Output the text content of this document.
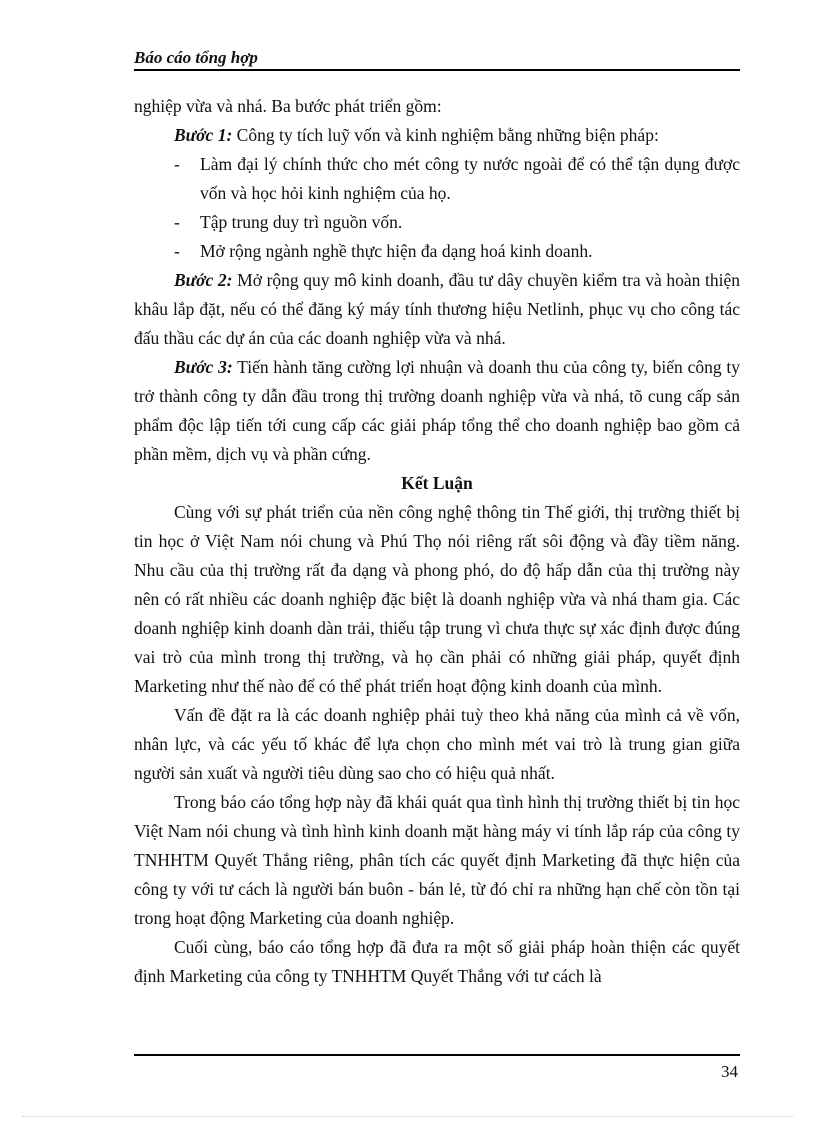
Báo cáo tổng hợp

nghiệp vừa và nhá. Ba bước phát triển gồm:

Bước 1: Công ty tích luỹ vốn và kinh nghiệm bằng những biện pháp:

-	Làm đại lý chính thức cho mét công ty nước ngoài để có thể tận dụng được vốn và học hỏi kinh nghiệm của họ.
-	Tập trung duy trì nguồn vốn.
-	Mở rộng ngành nghề thực hiện đa dạng hoá kinh doanh.

Bước 2: Mở rộng quy mô kinh doanh, đầu tư dây chuyền kiểm tra và hoàn thiện khâu lắp đặt, nếu có thể đăng ký máy tính thương hiệu Netlinh, phục vụ cho công tác đấu thầu các dự án của các doanh nghiệp vừa và nhá.

Bước 3: Tiến hành tăng cường lợi nhuận và doanh thu của công ty, biến công ty trở thành công ty dẫn đầu trong thị trường doanh nghiệp vừa và nhá, tõ cung cấp sản phẩm độc lập tiến tới cung cấp các giải pháp tổng thể cho doanh nghiệp bao gồm cả phần mềm, dịch vụ và phần cứng.

Kết Luận

Cùng với sự phát triển của nền công nghệ thông tin Thế giới, thị trường thiết bị tin học ở Việt Nam nói chung và Phú Thọ nói riêng rất sôi động và đầy tiềm năng. Nhu cầu của thị trường rất đa dạng và phong phó, do độ hấp dẫn của thị trường này nên có rất nhiều các doanh nghiệp đặc biệt là doanh nghiệp vừa và nhá tham gia. Các doanh nghiệp kinh doanh dàn trải, thiếu tập trung vì chưa thực sự xác định được đúng vai trò của mình trong thị trường, và họ cần phải có những giải pháp, quyết định Marketing như thế nào để có thể phát triển hoạt động kinh doanh của mình.

Vấn đề đặt ra là các doanh nghiệp phải tuỳ theo khả năng của mình cả về vốn, nhân lực, và các yếu tố khác để lựa chọn cho mình mét vai trò là trung gian giữa người sản xuất và người tiêu dùng sao cho có hiệu quả nhất.

Trong báo cáo tổng hợp này đã khái quát qua tình hình thị trường thiết bị tin học Việt Nam nói chung và tình hình kinh doanh mặt hàng máy vi tính lắp ráp của công ty TNHHTM Quyết Thắng riêng, phân tích các quyết định Marketing đã thực hiện của công ty với tư cách là người bán buôn - bán lẻ, từ đó chỉ ra những hạn chế còn tồn tại trong hoạt động Marketing của doanh nghiệp.

Cuối cùng, báo cáo tổng hợp đã đưa ra một số giải pháp hoàn thiện các quyết định Marketing của công ty TNHHTM Quyết Thắng với tư cách là

34
